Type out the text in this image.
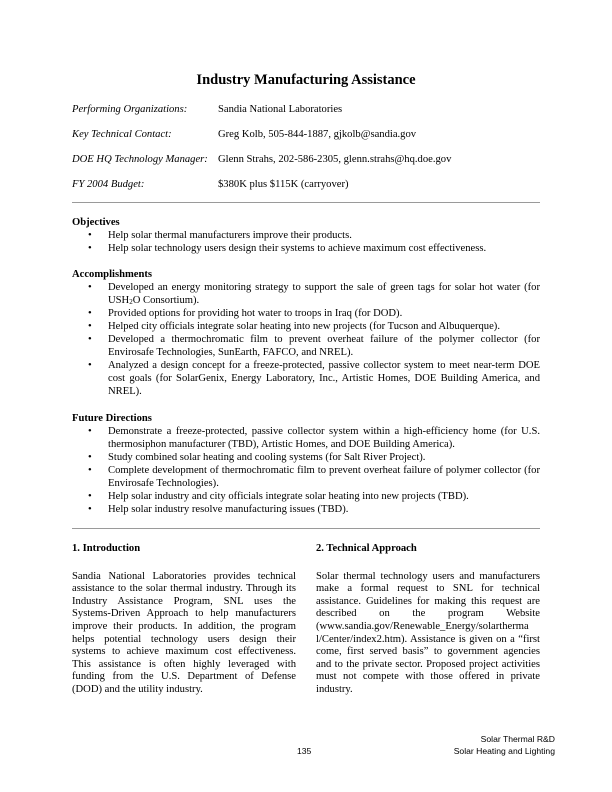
Industry Manufacturing Assistance
Performing Organizations:	Sandia National Laboratories
Key Technical Contact:	Greg Kolb, 505-844-1887, gjkolb@sandia.gov
DOE HQ Technology Manager: Glenn Strahs, 202-586-2305, glenn.strahs@hq.doe.gov
FY 2004 Budget:	$380K plus $115K (carryover)

Objectives

• Help solar thermal manufacturers improve their products.
• Help solar technology users design their systems to achieve maximum cost effectiveness.

Accomplishments

• Developed an energy monitoring strategy to support the sale of green tags for solar hot water (for $USH_2O$ Consortium).
• Provided options for providing hot water to troops in Iraq (for DOD).
• Helped city officials integrate solar heating into new projects (for Tucson and Albuquerque).
• Developed a thermochromatic film to prevent overheat failure of the polymer collector (for Envirosafe Technologies, SunEarth, FAFCO, and NREL).
• Analyzed a design concept for a freeze-protected, passive collector system to meet near-term DOE cost goals (for SolarGenix, Energy Laboratory, Inc., Artistic Homes, DOE Building America, and NREL).

Future Directions

• Demonstrate a freeze-protected, passive collector system within a high-efficiency home (for U.S. thermosiphon manufacturer (TBD), Artistic Homes, and DOE Building America).
• Study combined solar heating and cooling systems (for Salt River Project).
• Complete development of thermochromatic film to prevent overheat failure of polymer collector (for Envirosafe Technologies).
• Help solar industry and city officials integrate solar heating into new projects (TBD).
• Help solar industry resolve manufacturing issues (TBD).

1. Introduction

Sandia National Laboratories provides technical assistance to the solar thermal industry. Through its Industry Assistance Program, SNL uses the Systems-Driven Approach to help manufacturers improve their products. In addition, the program helps potential technology users design their systems to achieve maximum cost effectiveness. This assistance is often highly leveraged with funding from the U.S. Department of Defense (DOD) and the utility industry.

2. Technical Approach

Solar thermal technology users and manufacturers make a formal request to SNL for technical assistance. Guidelines for making this request are described on the program Website (www.sandia.gov/Renewable_Energy/solartherma l/Center/index2.htm). Assistance is given on a “first come, first served basis” to government agencies and to the private sector. Proposed project activities must not compete with those offered in private industry.

Solar Thermal R&D
Solar Heating and Lighting
135
